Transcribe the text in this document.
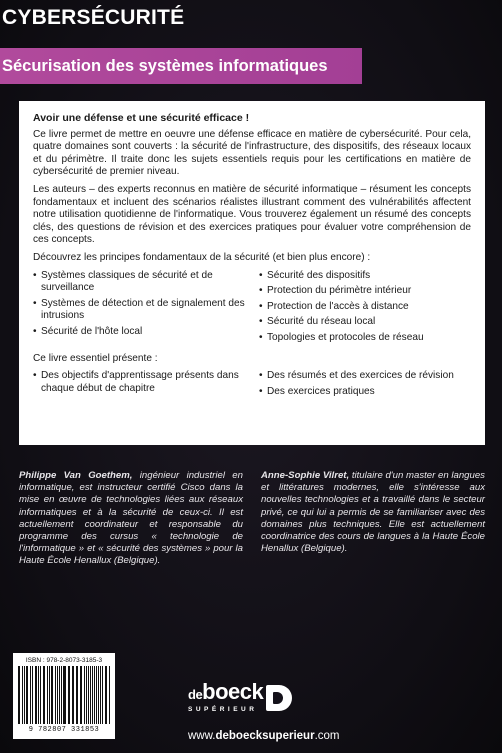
CYBERSÉCURITÉ
Sécurisation des systèmes informatiques
Avoir une défense et une sécurité efficace !

Ce livre permet de mettre en oeuvre une défense efficace en matière de cybersécurité. Pour cela, quatre domaines sont couverts : la sécurité de l'infrastructure, des dispositifs, des réseaux locaux et du périmètre. Il traite donc les sujets essentiels requis pour les certifications en matière de cybersécurité de premier niveau.

Les auteurs – des experts reconnus en matière de sécurité informatique – résument les concepts fondamentaux et incluent des scénarios réalistes illustrant comment des vulnérabilités affectent notre utilisation quotidienne de l'informatique. Vous trouverez également un résumé des concepts clés, des questions de révision et des exercices pratiques pour évaluer votre compréhension de ces concepts.

Découvrez les principes fondamentaux de la sécurité (et bien plus encore) :

• Systèmes classiques de sécurité et de surveillance
• Systèmes de détection et de signalement des intrusions
• Sécurité de l'hôte local
• Sécurité des dispositifs
• Protection du périmètre intérieur
• Protection de l'accès à distance
• Sécurité du réseau local
• Topologies et protocoles de réseau

Ce livre essentiel présente :

• Des objectifs d'apprentissage présents dans chaque début de chapitre
• Des résumés et des exercices de révision
• Des exercices pratiques

Philippe Van Goethem, ingénieur industriel en informatique, est instructeur certifié Cisco dans la mise en œuvre de technologies liées aux réseaux informatiques et à la sécurité de ceux-ci. Il est actuellement coordinateur et responsable du programme des cursus « technologie de l'informatique » et « sécurité des systèmes » pour la Haute École Henallux (Belgique).

Anne-Sophie Vilret, titulaire d'un master en langues et littératures modernes, elle s'intéresse aux nouvelles technologies et a travaillé dans le secteur privé, ce qui lui a permis de se familiariser avec des domaines plus techniques. Elle est actuellement coordinatrice des cours de langues à la Haute École Henallux (Belgique).

ISBN : 978-2-8073-3185-3
9 782807 331853
deboeck
SUPÉRIEUR
www.deboecksuperieur.com
